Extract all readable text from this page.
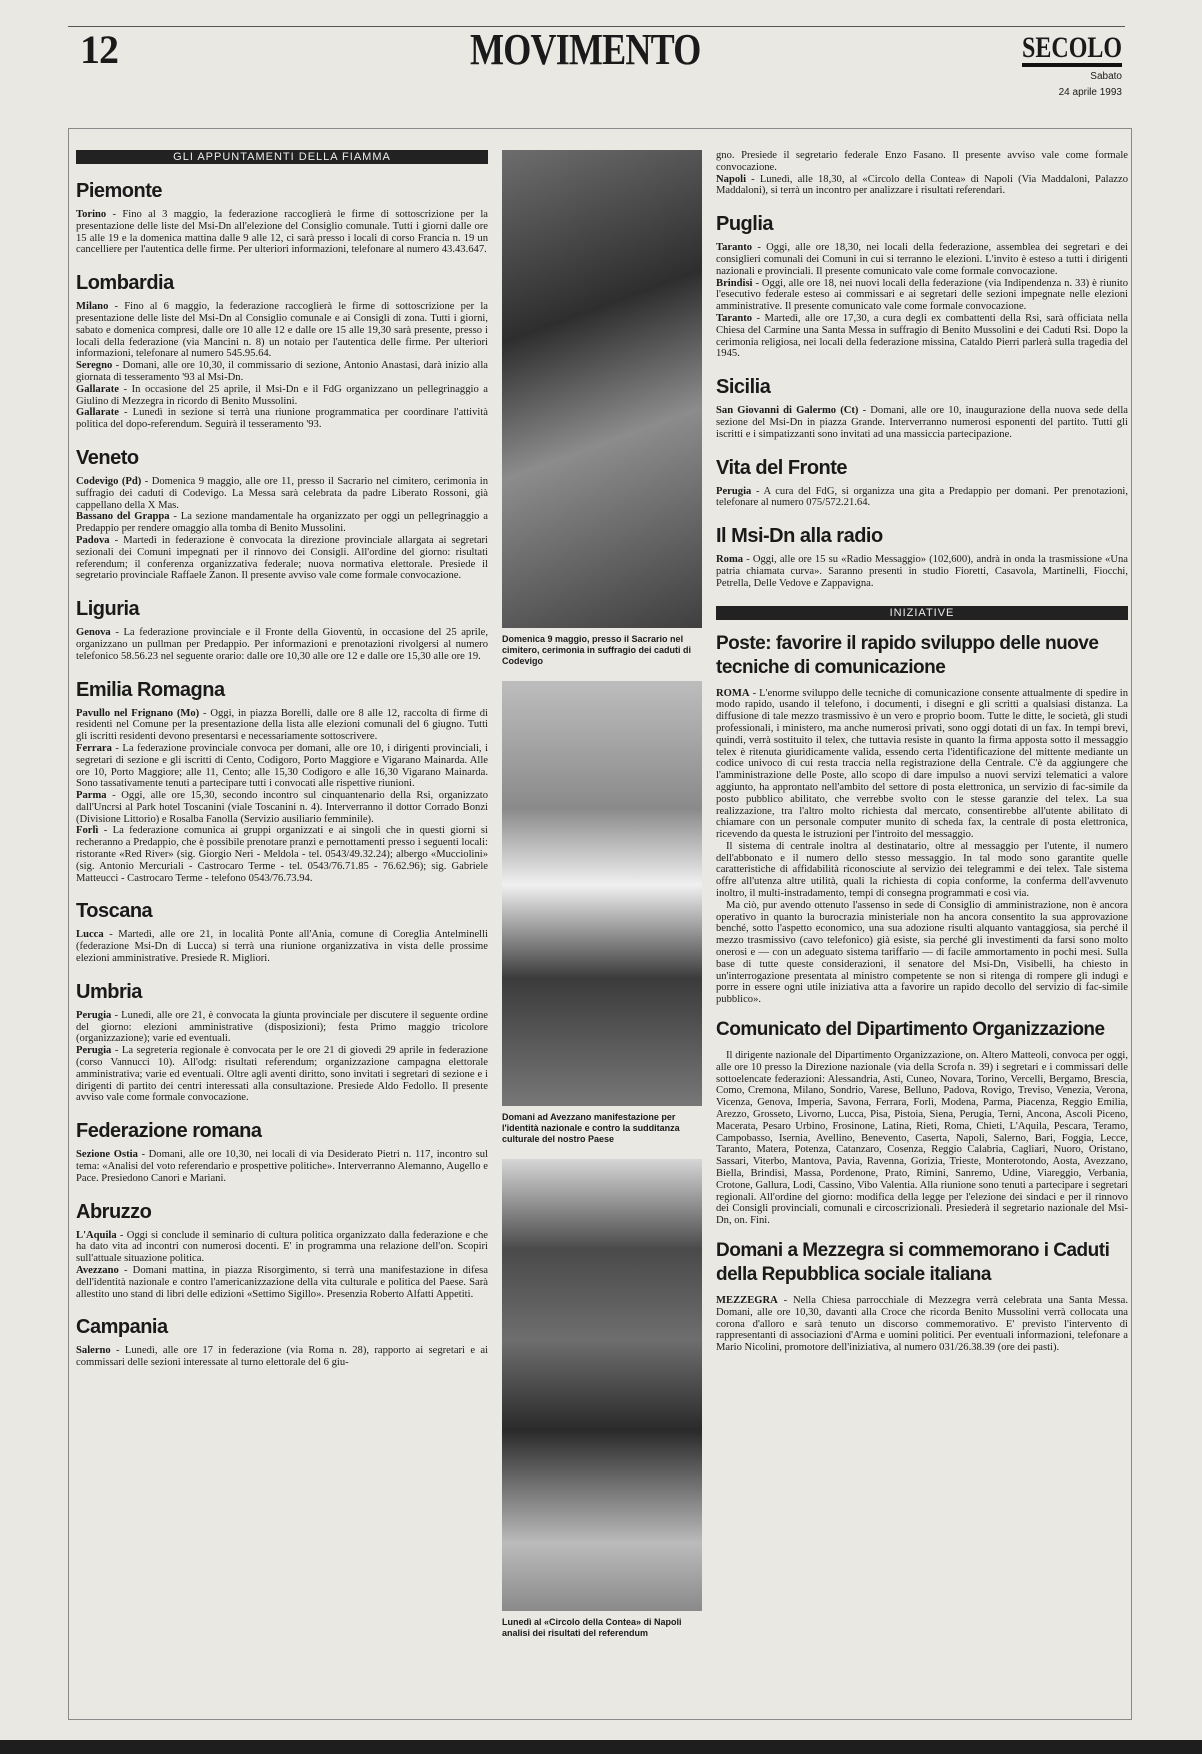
12	MOVIMENTO	SECOLO
Sabato
24 aprile 1993
GLI APPUNTAMENTI DELLA FIAMMA
Piemonte

Torino - Fino al 3 maggio, la federazione raccoglierà le firme di sottoscrizione per la presentazione delle liste del Msi-Dn all'elezione del Consiglio comunale. Tutti i giorni dalle ore 15 alle 19 e la domenica mattina dalle 9 alle 12, ci sarà presso i locali di corso Francia n. 19 un cancelliere per l'autentica delle firme. Per ulteriori informazioni, telefonare al numero 43.43.647.

Lombardia

Milano - Fino al 6 maggio, la federazione raccoglierà le firme di sottoscrizione per la presentazione delle liste del Msi-Dn al Consiglio comunale e ai Consigli di zona. Tutti i giorni, sabato e domenica compresi, dalle ore 10 alle 12 e dalle ore 15 alle 19,30 sarà presente, presso i locali della federazione (via Mancini n. 8) un notaio per l'autentica delle firme. Per ulteriori informazioni, telefonare al numero 545.95.64.

Seregno - Domani, alle ore 10,30, il commissario di sezione, Antonio Anastasi, darà inizio alla giornata di tesseramento '93 al Msi-Dn.

Gallarate - In occasione del 25 aprile, il Msi-Dn e il FdG organizzano un pellegrinaggio a Giulino di Mezzegra in ricordo di Benito Mussolini.

Gallarate - Lunedì in sezione si terrà una riunione programmatica per coordinare l'attività politica del dopo-referendum. Seguirà il tesseramento '93.

Veneto

Codevigo (Pd) - Domenica 9 maggio, alle ore 11, presso il Sacrario nel cimitero, cerimonia in suffragio dei caduti di Codevigo. La Messa sarà celebrata da padre Liberato Rossoni, già cappellano della X Mas.

Bassano del Grappa - La sezione mandamentale ha organizzato per oggi un pellegrinaggio a Predappio per rendere omaggio alla tomba di Benito Mussolini.

Padova - Martedì in federazione è convocata la direzione provinciale allargata ai segretari sezionali dei Comuni impegnati per il rinnovo dei Consigli. All'ordine del giorno: risultati referendum; il conferenza organizzativa federale; nuova normativa elettorale. Presiede il segretario provinciale Raffaele Zanon. Il presente avviso vale come formale convocazione.

Liguria

Genova - La federazione provinciale e il Fronte della Gioventù, in occasione del 25 aprile, organizzano un pullman per Predappio. Per informazioni e prenotazioni rivolgersi al numero telefonico 58.56.23 nel seguente orario: dalle ore 10,30 alle ore 12 e dalle ore 15,30 alle ore 19.

Emilia Romagna

Pavullo nel Frignano (Mo) - Oggi, in piazza Borelli, dalle ore 8 alle 12, raccolta di firme di residenti nel Comune per la presentazione della lista alle elezioni comunali del 6 giugno. Tutti gli iscritti residenti devono presentarsi e necessariamente sottoscrivere.

Ferrara - La federazione provinciale convoca per domani, alle ore 10, i dirigenti provinciali, i segretari di sezione e gli iscritti di Cento, Codigoro, Porto Maggiore e Vigarano Mainarda. Alle ore 10, Porto Maggiore; alle 11, Cento; alle 15,30 Codigoro e alle 16,30 Vigarano Mainarda. Sono tassativamente tenuti a partecipare tutti i convocati alle rispettive riunioni.

Parma - Oggi, alle ore 15,30, secondo incontro sul cinquantenario della Rsi, organizzato dall'Uncrsi al Park hotel Toscanini (viale Toscanini n. 4). Interverranno il dottor Corrado Bonzi (Divisione Littorio) e Rosalba Fanolla (Servizio ausiliario femminile).

Forlì - La federazione comunica ai gruppi organizzati e ai singoli che in questi giorni si recheranno a Predappio, che è possibile prenotare pranzi e pernottamenti presso i seguenti locali: ristorante «Red River» (sig. Giorgio Neri - Meldola - tel. 0543/49.32.24); albergo «Mucciolini» (sig. Antonio Mercuriali - Castrocaro Terme - tel. 0543/76.71.85 - 76.62.96); sig. Gabriele Matteucci - Castrocaro Terme - telefono 0543/76.73.94.

Toscana

Lucca - Martedì, alle ore 21, in località Ponte all'Ania, comune di Coreglia Antelminelli (federazione Msi-Dn di Lucca) si terrà una riunione organizzativa in vista delle prossime elezioni amministrative. Presiede R. Migliori.

Umbria

Perugia - Lunedì, alle ore 21, è convocata la giunta provinciale per discutere il seguente ordine del giorno: elezioni amministrative (disposizioni); festa Primo maggio tricolore (organizzazione); varie ed eventuali.

Perugia - La segreteria regionale è convocata per le ore 21 di giovedì 29 aprile in federazione (corso Vannucci 10). All'odg: risultati referendum; organizzazione campagna elettorale amministrativa; varie ed eventuali. Oltre agli aventi diritto, sono invitati i segretari di sezione e i dirigenti di partito dei centri interessati alla consultazione. Presiede Aldo Fedollo. Il presente avviso vale come formale convocazione.

Federazione romana

Sezione Ostia - Domani, alle ore 10,30, nei locali di via Desiderato Pietri n. 117, incontro sul tema: «Analisi del voto referendario e prospettive politiche». Interverranno Alemanno, Augello e Pace. Presiedono Canori e Mariani.

Abruzzo

L'Aquila - Oggi si conclude il seminario di cultura politica organizzato dalla federazione e che ha dato vita ad incontri con numerosi docenti. E' in programma una relazione dell'on. Scopiri sull'attuale situazione politica.

Avezzano - Domani mattina, in piazza Risorgimento, si terrà una manifestazione in difesa dell'identità nazionale e contro l'americanizzazione della vita culturale e politica del Paese. Sarà allestito uno stand di libri delle edizioni «Settimo Sigillo». Presenzia Roberto Alfatti Appetiti.

Campania

Salerno - Lunedì, alle ore 17 in federazione (via Roma n. 28), rapporto ai segretari e ai commissari delle sezioni interessate al turno elettorale del 6 giu-

Domenica 9 maggio, presso il Sacrario nel cimitero, cerimonia in suffragio dei caduti di Codevigo
Domani ad Avezzano manifestazione per l'identità nazionale e contro la sudditanza culturale del nostro Paese
Lunedì al «Circolo della Contea» di Napoli analisi dei risultati del referendum

gno. Presiede il segretario federale Enzo Fasano. Il presente avviso vale come formale convocazione.

Napoli - Lunedì, alle 18,30, al «Circolo della Contea» di Napoli (Via Maddaloni, Palazzo Maddaloni), si terrà un incontro per analizzare i risultati referendari.

Puglia

Taranto - Oggi, alle ore 18,30, nei locali della federazione, assemblea dei segretari e dei consiglieri comunali dei Comuni in cui si terranno le elezioni. L'invito è esteso a tutti i dirigenti nazionali e provinciali. Il presente comunicato vale come formale convocazione.

Brindisi - Oggi, alle ore 18, nei nuovi locali della federazione (via Indipendenza n. 33) è riunito l'esecutivo federale esteso ai commissari e ai segretari delle sezioni impegnate nelle elezioni amministrative. Il presente comunicato vale come formale convocazione.

Taranto - Martedì, alle ore 17,30, a cura degli ex combattenti della Rsi, sarà officiata nella Chiesa del Carmine una Santa Messa in suffragio di Benito Mussolini e dei Caduti Rsi. Dopo la cerimonia religiosa, nei locali della federazione missina, Cataldo Pierri parlerà sulla tragedia del 1945.

Sicilia

San Giovanni di Galermo (Ct) - Domani, alle ore 10, inaugurazione della nuova sede della sezione del Msi-Dn in piazza Grande. Interverranno numerosi esponenti del partito. Tutti gli iscritti e i simpatizzanti sono invitati ad una massiccia partecipazione.

Vita del Fronte

Perugia - A cura del FdG, si organizza una gita a Predappio per domani. Per prenotazioni, telefonare al numero 075/572.21.64.

Il Msi-Dn alla radio

Roma - Oggi, alle ore 15 su «Radio Messaggio» (102,600), andrà in onda la trasmissione «Una patria chiamata curva». Saranno presenti in studio Fioretti, Casavola, Martinelli, Fiocchi, Petrella, Delle Vedove e Zappavigna.

INIZIATIVE
Poste: favorire il rapido sviluppo delle nuove tecniche di comunicazione

ROMA - L'enorme sviluppo delle tecniche di comunicazione consente attualmente di spedire in modo rapido, usando il telefono, i documenti, i disegni e gli scritti a qualsiasi distanza. La diffusione di tale mezzo trasmissivo è un vero e proprio boom. Tutte le ditte, le società, gli studi professionali, i ministero, ma anche numerosi privati, sono oggi dotati di un fax. In tempi brevi, quindi, verrà sostituito il telex, che tuttavia resiste in quanto la firma apposta sotto il messaggio telex è ritenuta giuridicamente valida, essendo certa l'identificazione del mittente mediante un codice univoco di cui resta traccia nella registrazione della Centrale. C'è da aggiungere che l'amministrazione delle Poste, allo scopo di dare impulso a nuovi servizi telematici a valore aggiunto, ha approntato nell'ambito del settore di posta elettronica, un servizio di fac-simile da posto pubblico abilitato, che verrebbe svolto con le stesse garanzie del telex. La sua realizzazione, tra l'altro molto richiesta dal mercato, consentirebbe all'utente abilitato di chiamare con un personale computer munito di scheda fax, la centrale di posta elettronica, ricevendo da questa le istruzioni per l'introito del messaggio.

Il sistema di centrale inoltra al destinatario, oltre al messaggio per l'utente, il numero dell'abbonato e il numero dello stesso messaggio. In tal modo sono garantite quelle caratteristiche di affidabilità riconosciute al servizio dei telegrammi e dei telex. Tale sistema offre all'utenza altre utilità, quali la richiesta di copia conforme, la conferma dell'avvenuto inoltro, il multi-instradamento, tempi di consegna programmati e così via.

Ma ciò, pur avendo ottenuto l'assenso in sede di Consiglio di amministrazione, non è ancora operativo in quanto la burocrazia ministeriale non ha ancora consentito la sua approvazione benché, sotto l'aspetto economico, una sua adozione risulti alquanto vantaggiosa, sia perché il mezzo trasmissivo (cavo telefonico) già esiste, sia perché gli investimenti da farsi sono molto onerosi e — con un adeguato sistema tariffario — di facile ammortamento in pochi mesi. Sulla base di tutte queste considerazioni, il senatore del Msi-Dn, Visibelli, ha chiesto in un'interrogazione presentata al ministro competente se non si ritenga di rompere gli indugi e porre in essere ogni utile iniziativa atta a favorire un rapido decollo del servizio di fac-simile pubblico».

Comunicato del Dipartimento Organizzazione

Il dirigente nazionale del Dipartimento Organizzazione, on. Altero Matteoli, convoca per oggi, alle ore 10 presso la Direzione nazionale (via della Scrofa n. 39) i segretari e i commissari delle sottoelencate federazioni: Alessandria, Asti, Cuneo, Novara, Torino, Vercelli, Bergamo, Brescia, Como, Cremona, Milano, Sondrio, Varese, Belluno, Padova, Rovigo, Treviso, Venezia, Verona, Vicenza, Genova, Imperia, Savona, Ferrara, Forlì, Modena, Parma, Piacenza, Reggio Emilia, Arezzo, Grosseto, Livorno, Lucca, Pisa, Pistoia, Siena, Perugia, Terni, Ancona, Ascoli Piceno, Macerata, Pesaro Urbino, Frosinone, Latina, Rieti, Roma, Chieti, L'Aquila, Pescara, Teramo, Campobasso, Isernia, Avellino, Benevento, Caserta, Napoli, Salerno, Bari, Foggia, Lecce, Taranto, Matera, Potenza, Catanzaro, Cosenza, Reggio Calabria, Cagliari, Nuoro, Oristano, Sassari, Viterbo, Mantova, Pavia, Ravenna, Gorizia, Trieste, Monterotondo, Aosta, Avezzano, Biella, Brindisi, Massa, Pordenone, Prato, Rimini, Sanremo, Udine, Viareggio, Verbania, Crotone, Gallura, Lodi, Cassino, Vibo Valentia. Alla riunione sono tenuti a partecipare i segretari regionali. All'ordine del giorno: modifica della legge per l'elezione dei sindaci e per il rinnovo dei Consigli provinciali, comunali e circoscrizionali. Presiederà il segretario nazionale del Msi-Dn, on. Fini.

Domani a Mezzegra si commemorano i Caduti della Repubblica sociale italiana

MEZZEGRA - Nella Chiesa parrocchiale di Mezzegra verrà celebrata una Santa Messa. Domani, alle ore 10,30, davanti alla Croce che ricorda Benito Mussolini verrà collocata una corona d'alloro e sarà tenuto un discorso commemorativo. E' previsto l'intervento di rappresentanti di associazioni d'Arma e uomini politici. Per eventuali informazioni, telefonare a Mario Nicolini, promotore dell'iniziativa, al numero 031/26.38.39 (ore dei pasti).
